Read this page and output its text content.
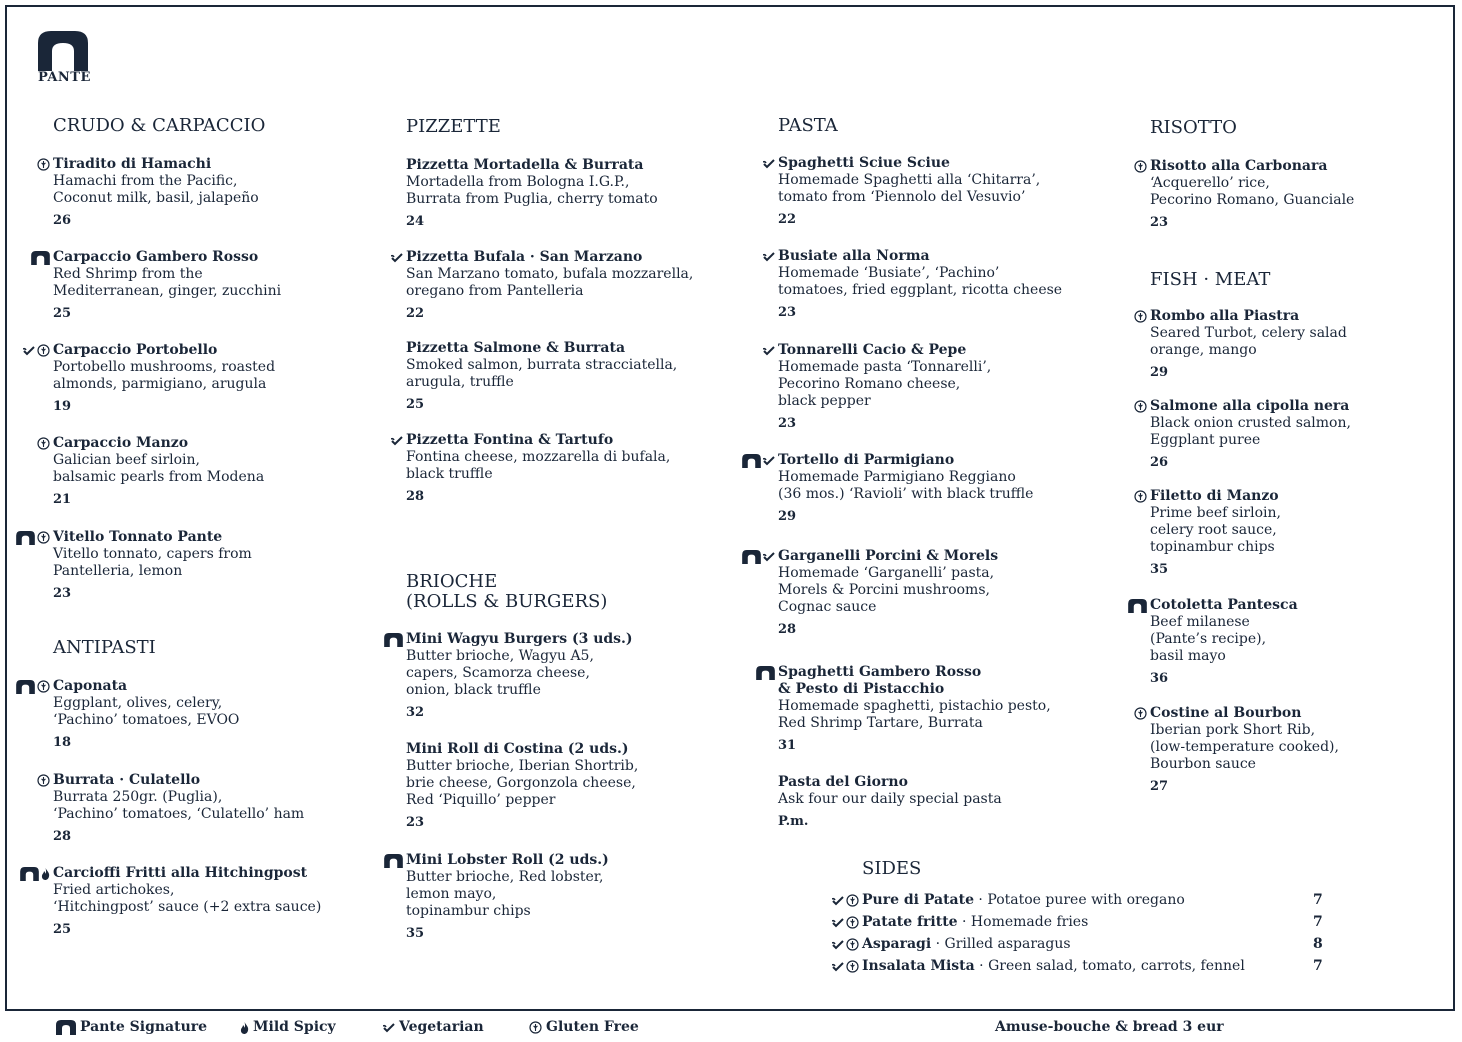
PANTE
CRUDO & CARPACCIO
ANTIPASTI
PIZZETTE
BRIOCHE
(ROLLS & BURGERS)
PASTA	RISOTTO
FISH · MEAT
SIDES
Tiradito di Hamachi
Hamachi from the Pacific,
Coconut milk, basil, jalapeño
26
Carpaccio Gambero Rosso
Red Shrimp from the
Mediterranean, ginger, zucchini
25
Carpaccio Portobello
Portobello mushrooms, roasted
almonds, parmigiano, arugula
19
Carpaccio Manzo
Galician beef sirloin,
balsamic pearls from Modena
21
Vitello Tonnato Pante
Vitello tonnato, capers from
Pantelleria, lemon
23
Caponata
Eggplant, olives, celery,
‘Pachino’ tomatoes, EVOO
18
Burrata · Culatello
Burrata 250gr. (Puglia),
‘Pachino’ tomatoes, ‘Culatello’ ham
28
Carcioffi Fritti alla Hitchingpost
Fried artichokes,
‘Hitchingpost’ sauce (+2 extra sauce)
25
Pizzetta Mortadella & Burrata
Mortadella from Bologna I.G.P.,
Burrata from Puglia, cherry tomato
24
Pizzetta Bufala · San Marzano
San Marzano tomato, bufala mozzarella,
oregano from Pantelleria
22
Pizzetta Salmone & Burrata
Smoked salmon, burrata stracciatella,
arugula, truffle
25
Pizzetta Fontina & Tartufo
Fontina cheese, mozzarella di bufala,
black truffle
28
Mini Wagyu Burgers (3 uds.)
Butter brioche, Wagyu A5,
capers, Scamorza cheese,
onion, black truffle
32
Mini Roll di Costina (2 uds.)
Butter brioche, Iberian Shortrib,
brie cheese, Gorgonzola cheese,
Red ‘Piquillo’ pepper
23
Mini Lobster Roll (2 uds.)
Butter brioche, Red lobster,
lemon mayo,
topinambur chips
35
Spaghetti Sciue Sciue
Homemade Spaghetti alla ‘Chitarra’,
tomato from ‘Piennolo del Vesuvio’
22
Busiate alla Norma
Homemade ‘Busiate’, ‘Pachino’
tomatoes, fried eggplant, ricotta cheese
23
Tonnarelli Cacio & Pepe
Homemade pasta ‘Tonnarelli’,
Pecorino Romano cheese,
black pepper
23
Tortello di Parmigiano
Homemade Parmigiano Reggiano
(36 mos.) ‘Ravioli’ with black truffle
29
Garganelli Porcini & Morels
Homemade ‘Garganelli’ pasta,
Morels & Porcini mushrooms,
Cognac sauce
28
Spaghetti Gambero Rosso
& Pesto di Pistacchio
Homemade spaghetti, pistachio pesto,
Red Shrimp Tartare, Burrata
31
Pasta del Giorno
Ask four our daily special pasta
P.m.
Risotto alla Carbonara
‘Acquerello’ rice,
Pecorino Romano, Guanciale
23
Rombo alla Piastra
Seared Turbot, celery salad
orange, mango
29
Salmone alla cipolla nera
Black onion crusted salmon,
Eggplant puree
26
Filetto di Manzo
Prime beef sirloin,
celery root sauce,
topinambur chips
35
Cotoletta Pantesca
Beef milanese
(Pante’s recipe),
basil mayo
36
Costine al Bourbon
Iberian pork Short Rib,
(low-temperature cooked),
Bourbon sauce
27
Pure di Patate · Potatoe puree with oregano	7
Patate fritte · Homemade fries	7
Asparagi · Grilled asparagus	8
Insalata Mista · Green salad, tomato, carrots, fennel	7
Pante Signature	Mild Spicy	Vegetarian	Gluten Free	Amuse-bouche & bread 3 eur
